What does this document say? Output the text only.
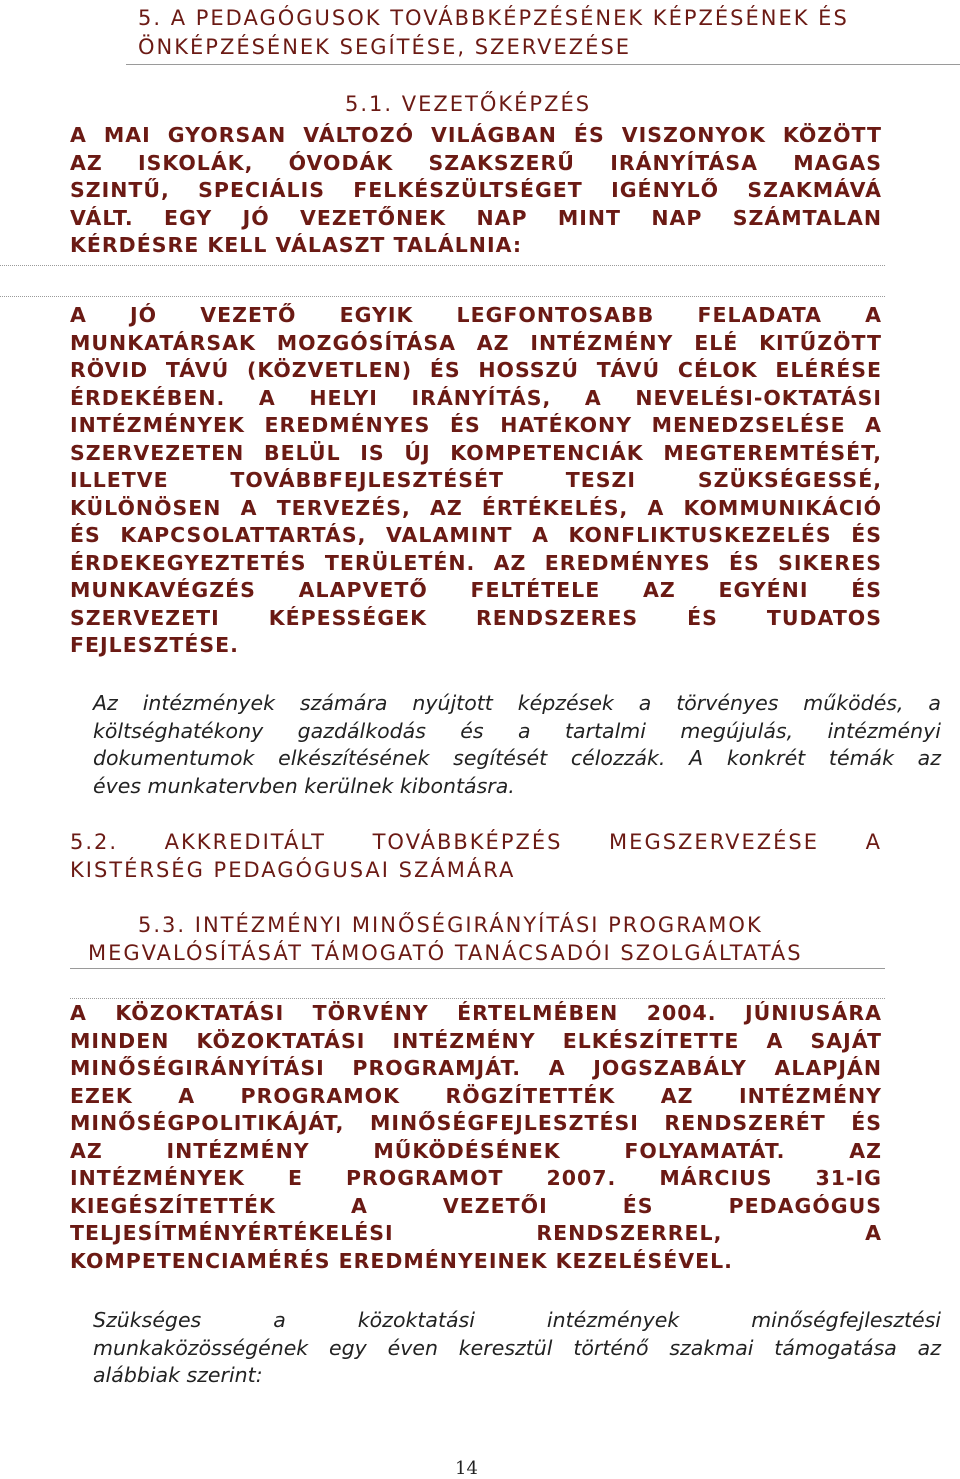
5. A PEDAGÓGUSOK TOVÁBBKÉPZÉSÉNEK KÉPZÉSÉNEK ÉS
ÖNKÉPZÉSÉNEK SEGÍTÉSE, SZERVEZÉSE
5.1. VEZETŐKÉPZÉS
A MAI GYORSAN VÁLTOZÓ VILÁGBAN ÉS VISZONYOK KÖZÖTT
AZ ISKOLÁK, ÓVODÁK SZAKSZERŰ IRÁNYÍTÁSA MAGAS
SZINTŰ, SPECIÁLIS FELKÉSZÜLTSÉGET IGÉNYLŐ SZAKMÁVÁ
VÁLT. EGY JÓ VEZETŐNEK NAP MINT NAP SZÁMTALAN
KÉRDÉSRE KELL VÁLASZT TALÁLNIA:
A JÓ VEZETŐ EGYIK LEGFONTOSABB FELADATA A
MUNKATÁRSAK MOZGÓSÍTÁSA AZ INTÉZMÉNY ELÉ KITŰZÖTT
RÖVID TÁVÚ (KÖZVETLEN) ÉS HOSSZÚ TÁVÚ CÉLOK ELÉRÉSE
ÉRDEKÉBEN. A HELYI IRÁNYÍTÁS, A NEVELÉSI-OKTATÁSI
INTÉZMÉNYEK EREDMÉNYES ÉS HATÉKONY MENEDZSELÉSE A
SZERVEZETEN BELÜL IS ÚJ KOMPETENCIÁK MEGTEREMTÉSÉT,
ILLETVE TOVÁBBFEJLESZTÉSÉT TESZI SZÜKSÉGESSÉ,
KÜLÖNÖSEN A TERVEZÉS, AZ ÉRTÉKELÉS, A KOMMUNIKÁCIÓ
ÉS KAPCSOLATTARTÁS, VALAMINT A KONFLIKTUSKEZELÉS ÉS
ÉRDEKEGYEZTETÉS TERÜLETÉN. AZ EREDMÉNYES ÉS SIKERES
MUNKAVÉGZÉS ALAPVETŐ FELTÉTELE AZ EGYÉNI ÉS
SZERVEZETI KÉPESSÉGEK RENDSZERES ÉS TUDATOS
FEJLESZTÉSE.
Az intézmények számára nyújtott képzések a törvényes működés, a
költséghatékony gazdálkodás és a tartalmi megújulás, intézményi
dokumentumok elkészítésének segítését célozzák. A konkrét témák az
éves munkatervben kerülnek kibontásra.
5.2. AKKREDITÁLT TOVÁBBKÉPZÉS MEGSZERVEZÉSE A
KISTÉRSÉG PEDAGÓGUSAI SZÁMÁRA
5.3. INTÉZMÉNYI MINŐSÉGIRÁNYÍTÁSI PROGRAMOK
MEGVALÓSÍTÁSÁT TÁMOGATÓ TANÁCSADÓI SZOLGÁLTATÁS
A KÖZOKTATÁSI TÖRVÉNY ÉRTELMÉBEN 2004. JÚNIUSÁRA
MINDEN KÖZOKTATÁSI INTÉZMÉNY ELKÉSZÍTETTE A SAJÁT
MINŐSÉGIRÁNYÍTÁSI PROGRAMJÁT. A JOGSZABÁLY ALAPJÁN
EZEK A PROGRAMOK RÖGZÍTETTÉK AZ INTÉZMÉNY
MINŐSÉGPOLITIKÁJÁT, MINŐSÉGFEJLESZTÉSI RENDSZERÉT ÉS
AZ INTÉZMÉNY MŰKÖDÉSÉNEK FOLYAMATÁT. AZ
INTÉZMÉNYEK E PROGRAMOT 2007. MÁRCIUS 31-IG
KIEGÉSZÍTETTÉK A VEZETŐI ÉS PEDAGÓGUS
TELJESÍTMÉNYÉRTÉKELÉSI RENDSZERREL, A
KOMPETENCIAMÉRÉS EREDMÉNYEINEK KEZELÉSÉVEL.
Szükséges a közoktatási intézmények minőségfejlesztési
munkaközösségének egy éven keresztül történő szakmai támogatása az
alábbiak szerint:
14
